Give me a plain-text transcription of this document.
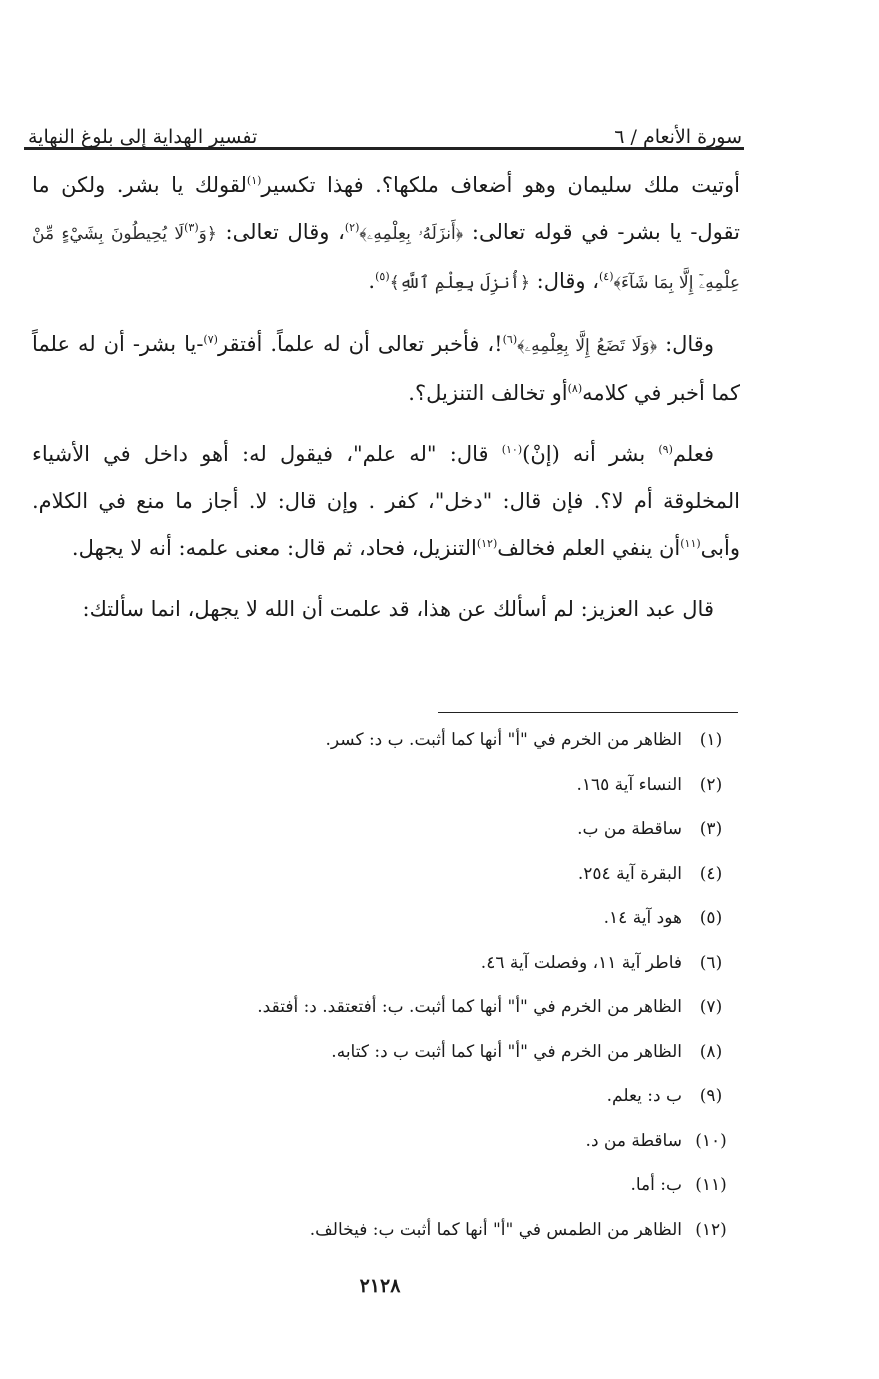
تفسير الهداية إلى بلوغ النهاية	سورة الأنعام / ٦

أوتيت ملك سليمان وهو أضعاف ملكها؟. فهذا تكسير$^{(١)}$لقولك يا بشر. ولكن ما تقول- يا بشر- في قوله تعالى: ﴿أَنزَلَهُۥ بِعِلْمِهِۦ﴾$^{(٢)}$، وقال تعالى: ﴿وَ$^{(٣)}$لَا يُحِيطُونَ بِشَيْءٍ مِّنْ عِلْمِهِۦٓ إِلَّا بِمَا شَآءَ﴾$^{(٤)}$، وقال: ﴿أُنزِلَ بِعِلْمِ ٱللَّهِ﴾$^{(٥)}$.

وقال: ﴿وَلَا تَضَعُ إِلَّا بِعِلْمِهِۦ﴾$^{(٦)}$!، فأخبر تعالى أن له علماً. أفتقر$^{(٧)}$-يا بشر- أن له علماً كما أخبر في كلامه$^{(٨)}$أو تخالف التنزيل؟.

فعلم$^{(٩)}$ بشر أنه (إنْ)$^{(١٠)}$ قال: "له علم"، فيقول له: أهو داخل في الأشياء المخلوقة أم لا؟. فإن قال: "دخل"، كفر . وإن قال: لا. أجاز ما منع في الكلام. وأبى$^{(١١)}$أن ينفي العلم فخالف$^{(١٢)}$التنزيل، فحاد، ثم قال: معنى علمه: أنه لا يجهل.

قال عبد العزيز: لم أسألك عن هذا، قد علمت أن الله لا يجهل، انما سألتك:

(١)
الظاهر من الخرم في "أ" أنها كما أثبت. ب د: كسر.
(٢)
النساء آية ١٦٥.
(٣)
ساقطة من ب.
(٤)
البقرة آية ٢٥٤.
(٥)
هود آية ١٤.
(٦)
فاطر آية ١١، وفصلت آية ٤٦.
(٧)
الظاهر من الخرم في "أ" أنها كما أثبت. ب: أفتعتقد. د: أفتقد.
(٨)
الظاهر من الخرم في "أ" أنها كما أثبت ب د: كتابه.
(٩)
ب د: يعلم.
(١٠)
ساقطة من د.
(١١)
ب: أما.
(١٢)
الظاهر من الطمس في "أ" أنها كما أثبت ب: فيخالف.
٢١٢٨
